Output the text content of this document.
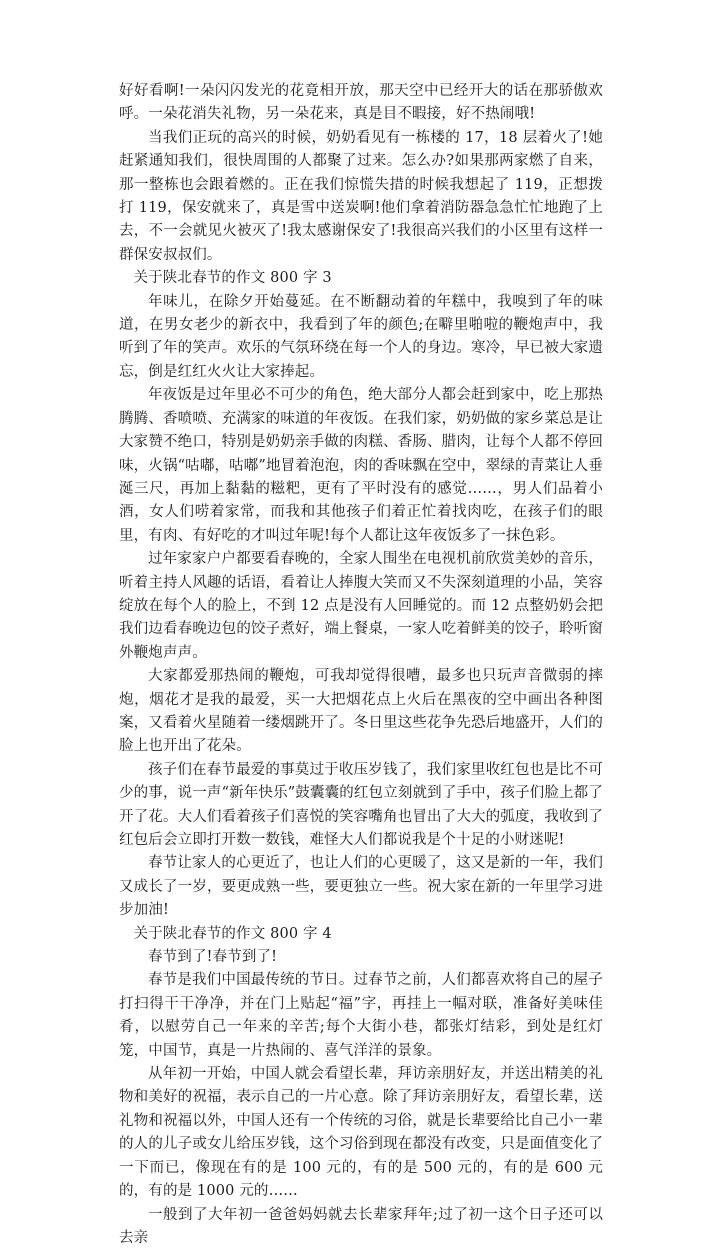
好好看啊!一朵闪闪发光的花竟相开放，那天空中已经开大的话在那骄傲欢呼。一朵花消失礼物，另一朵花来，真是目不暇接，好不热闹哦!

当我们正玩的高兴的时候，奶奶看见有一栋楼的 17，18 层着火了!她赶紧通知我们，很快周围的人都聚了过来。怎么办?如果那两家燃了自来，那一整栋也会跟着燃的。正在我们惊慌失措的时候我想起了 119，正想拨打 119，保安就来了，真是雪中送炭啊!他们拿着消防器急急忙忙地跑了上去，不一会就见火被灭了!我太感谢保安了!我很高兴我们的小区里有这样一群保安叔叔们。

关于陕北春节的作文 800 字 3

年味儿，在除夕开始蔓延。在不断翻动着的年糕中，我嗅到了年的味道，在男女老少的新衣中，我看到了年的颜色;在噼里啪啦的鞭炮声中，我听到了年的笑声。欢乐的气氛环绕在每一个人的身边。寒冷，早已被大家遗忘，倒是红红火火让大家捧起。

年夜饭是过年里必不可少的角色，绝大部分人都会赶到家中，吃上那热腾腾、香喷喷、充满家的味道的年夜饭。在我们家，奶奶做的家乡菜总是让大家赞不绝口，特别是奶奶亲手做的肉糕、香肠、腊肉，让每个人都不停回味，火锅“咕嘟，咕嘟”地冒着泡泡，肉的香味飘在空中，翠绿的青菜让人垂涎三尺，再加上黏黏的糍粑，更有了平时没有的感觉……，男人们品着小酒，女人们唠着家常，而我和其他孩子们着正忙着找肉吃，在孩子们的眼里，有肉、有好吃的才叫过年呢!每个人都让这年夜饭多了一抹色彩。

过年家家户户都要看春晚的，全家人围坐在电视机前欣赏美妙的音乐，听着主持人风趣的话语，看着让人捧腹大笑而又不失深刻道理的小品，笑容绽放在每个人的脸上，不到 12 点是没有人回睡觉的。而 12 点整奶奶会把我们边看春晚边包的饺子煮好，端上餐桌，一家人吃着鲜美的饺子，聆听窗外鞭炮声声。

大家都爱那热闹的鞭炮，可我却觉得很嘈，最多也只玩声音微弱的摔炮，烟花才是我的最爱，买一大把烟花点上火后在黑夜的空中画出各种图案，又看着火星随着一缕烟跳开了。冬日里这些花争先恐后地盛开，人们的脸上也开出了花朵。

孩子们在春节最爱的事莫过于收压岁钱了，我们家里收红包也是比不可少的事，说一声“新年快乐”鼓囊囊的红包立刻就到了手中，孩子们脸上都了开了花。大人们看着孩子们喜悦的笑容嘴角也冒出了大大的弧度，我收到了红包后会立即打开数一数钱，难怪大人们都说我是个十足的小财迷呢!

春节让家人的心更近了，也让人们的心更暖了，这又是新的一年，我们又成长了一岁，要更成熟一些，要更独立一些。祝大家在新的一年里学习进步加油!

关于陕北春节的作文 800 字 4

春节到了!春节到了!

春节是我们中国最传统的节日。过春节之前，人们都喜欢将自己的屋子打扫得干干净净，并在门上贴起“福”字，再挂上一幅对联，准备好美味佳肴，以慰劳自己一年来的辛苦;每个大街小巷，都张灯结彩，到处是红灯笼，中国节，真是一片热闹的、喜气洋洋的景象。

从年初一开始，中国人就会看望长辈，拜访亲朋好友，并送出精美的礼物和美好的祝福，表示自己的一片心意。除了拜访亲朋好友，看望长辈，送礼物和祝福以外，中国人还有一个传统的习俗，就是长辈要给比自己小一辈的人的儿子或女儿给压岁钱，这个习俗到现在都没有改变，只是面值变化了一下而已，像现在有的是 100 元的，有的是 500 元的，有的是 600 元的，有的是 1000 元的……

一般到了大年初一爸爸妈妈就去长辈家拜年;过了初一这个日子还可以去亲
